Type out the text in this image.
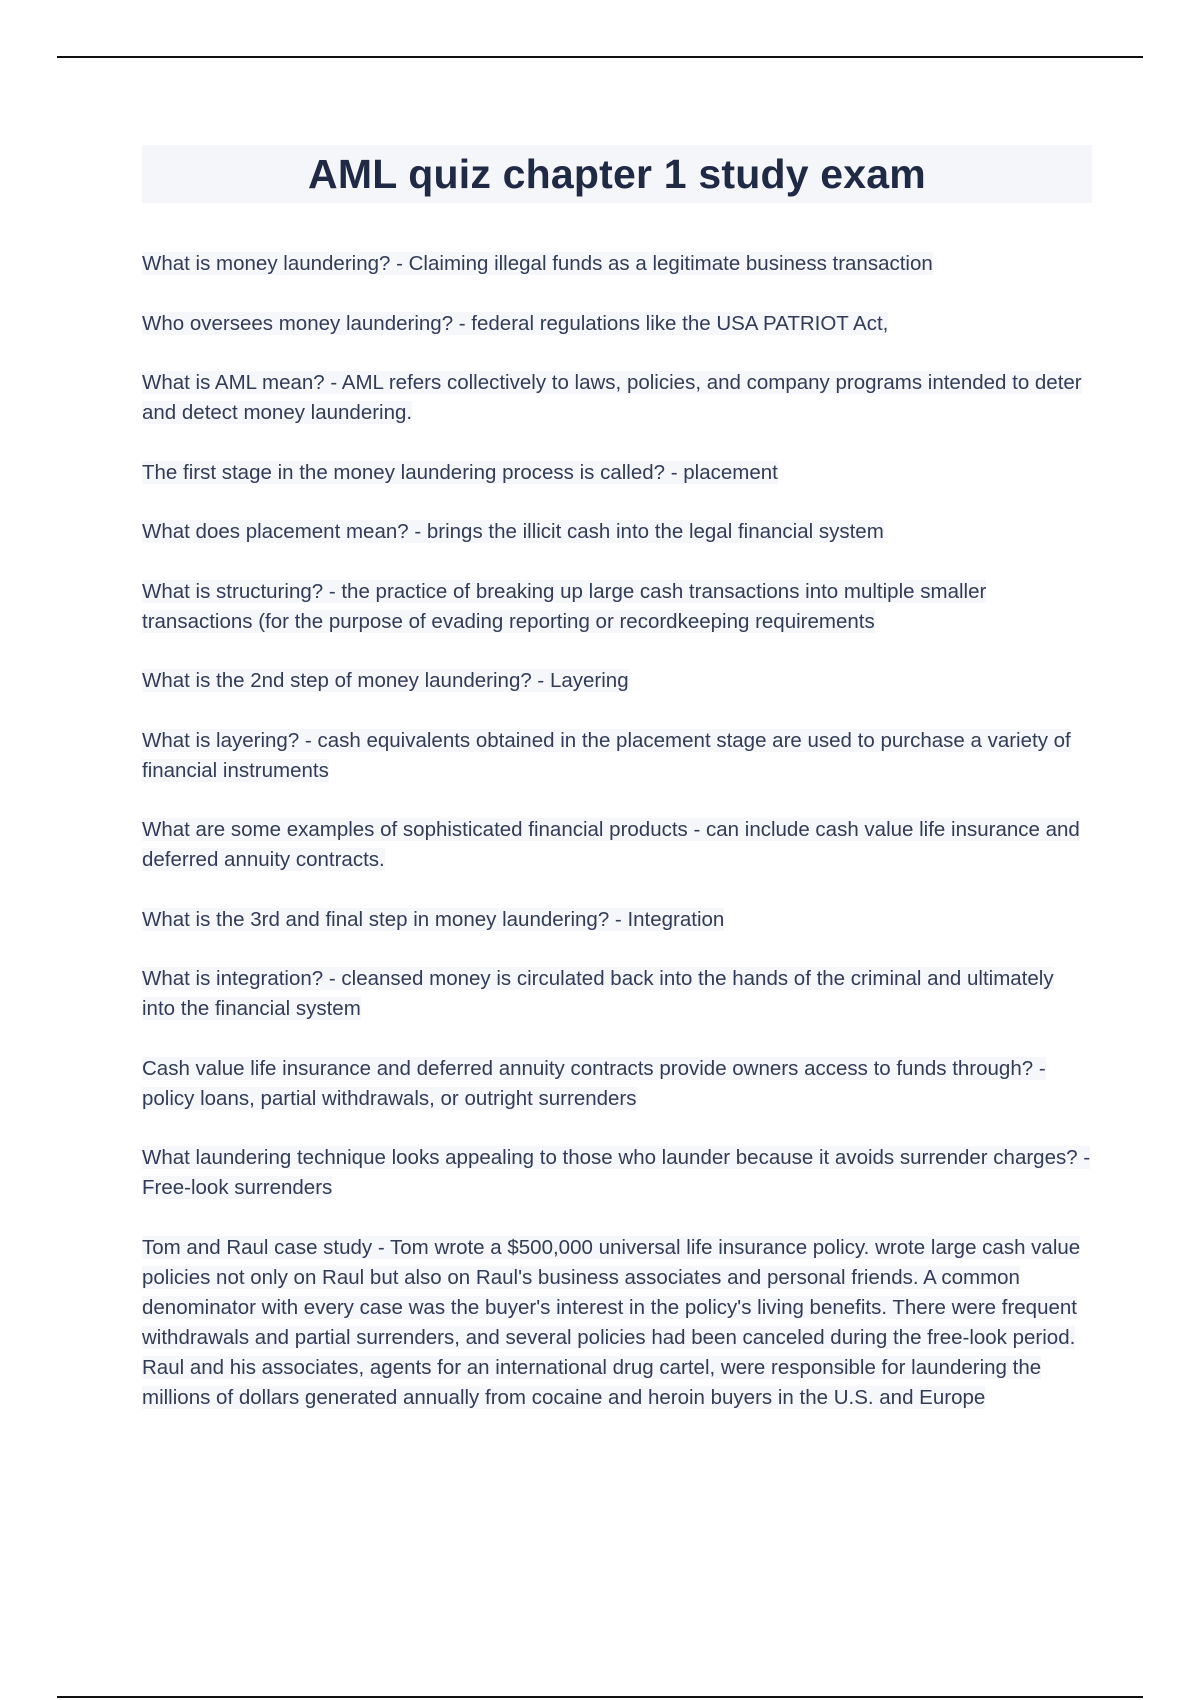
AML quiz chapter 1 study exam
What is money laundering? - Claiming illegal funds as a legitimate business transaction
Who oversees money laundering? - federal regulations like the USA PATRIOT Act,
What is AML mean? - AML refers collectively to laws, policies, and company programs intended to deter and detect money laundering.
The first stage in the money laundering process is called? - placement
What does placement mean? - brings the illicit cash into the legal financial system
What is structuring? - the practice of breaking up large cash transactions into multiple smaller transactions (for the purpose of evading reporting or recordkeeping requirements
What is the 2nd step of money laundering? - Layering
What is layering? - cash equivalents obtained in the placement stage are used to purchase a variety of financial instruments
What are some examples of sophisticated financial products - can include cash value life insurance and deferred annuity contracts.
What is the 3rd and final step in money laundering? - Integration
What is integration? - cleansed money is circulated back into the hands of the criminal and ultimately into the financial system
Cash value life insurance and deferred annuity contracts provide owners access to funds through? - policy loans, partial withdrawals, or outright surrenders
What laundering technique looks appealing to those who launder because it avoids surrender charges? - Free-look surrenders
Tom and Raul case study - Tom wrote a $500,000 universal life insurance policy. wrote large cash value policies not only on Raul but also on Raul's business associates and personal friends. A common denominator with every case was the buyer's interest in the policy's living benefits. There were frequent withdrawals and partial surrenders, and several policies had been canceled during the free-look period. Raul and his associates, agents for an international drug cartel, were responsible for laundering the millions of dollars generated annually from cocaine and heroin buyers in the U.S. and Europe
